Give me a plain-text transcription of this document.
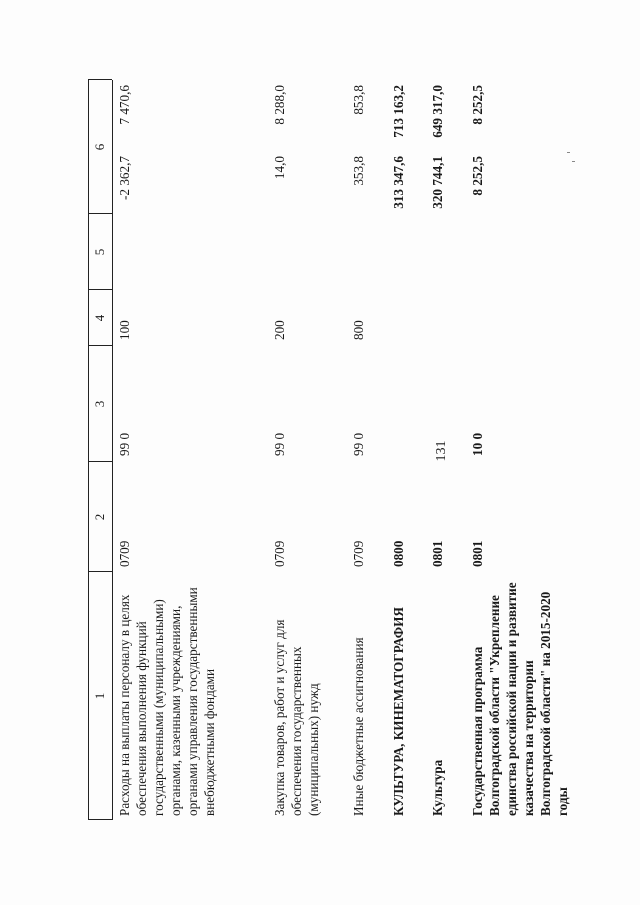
131
1
2
3
4
5
6
Расходы на выплаты персоналу в целях обеспечения выполнения функций государственными (муниципальными) органами, казенными учреждениями, органами управления государственными внебюджетными фондами
0709
99 0
100
-2 362,7
7 470,6
Закупка товаров, работ и услуг для обеспечения государственных (муниципальных) нужд
0709
99 0
200
14,0
8 288,0
Иные бюджетные ассигнования
0709
99 0
800
353,8
853,8
КУЛЬТУРА, КИНЕМАТОГРАФИЯ
0800
313 347,6
713 163,2
Культура
0801
320 744,1
649 317,0
Государственная программа Волгоградской области "Укрепление единства российской нации и развитие казачества на территории Волгоградской области" на 2015-2020 годы
0801
10 0
8 252,5
8 252,5
